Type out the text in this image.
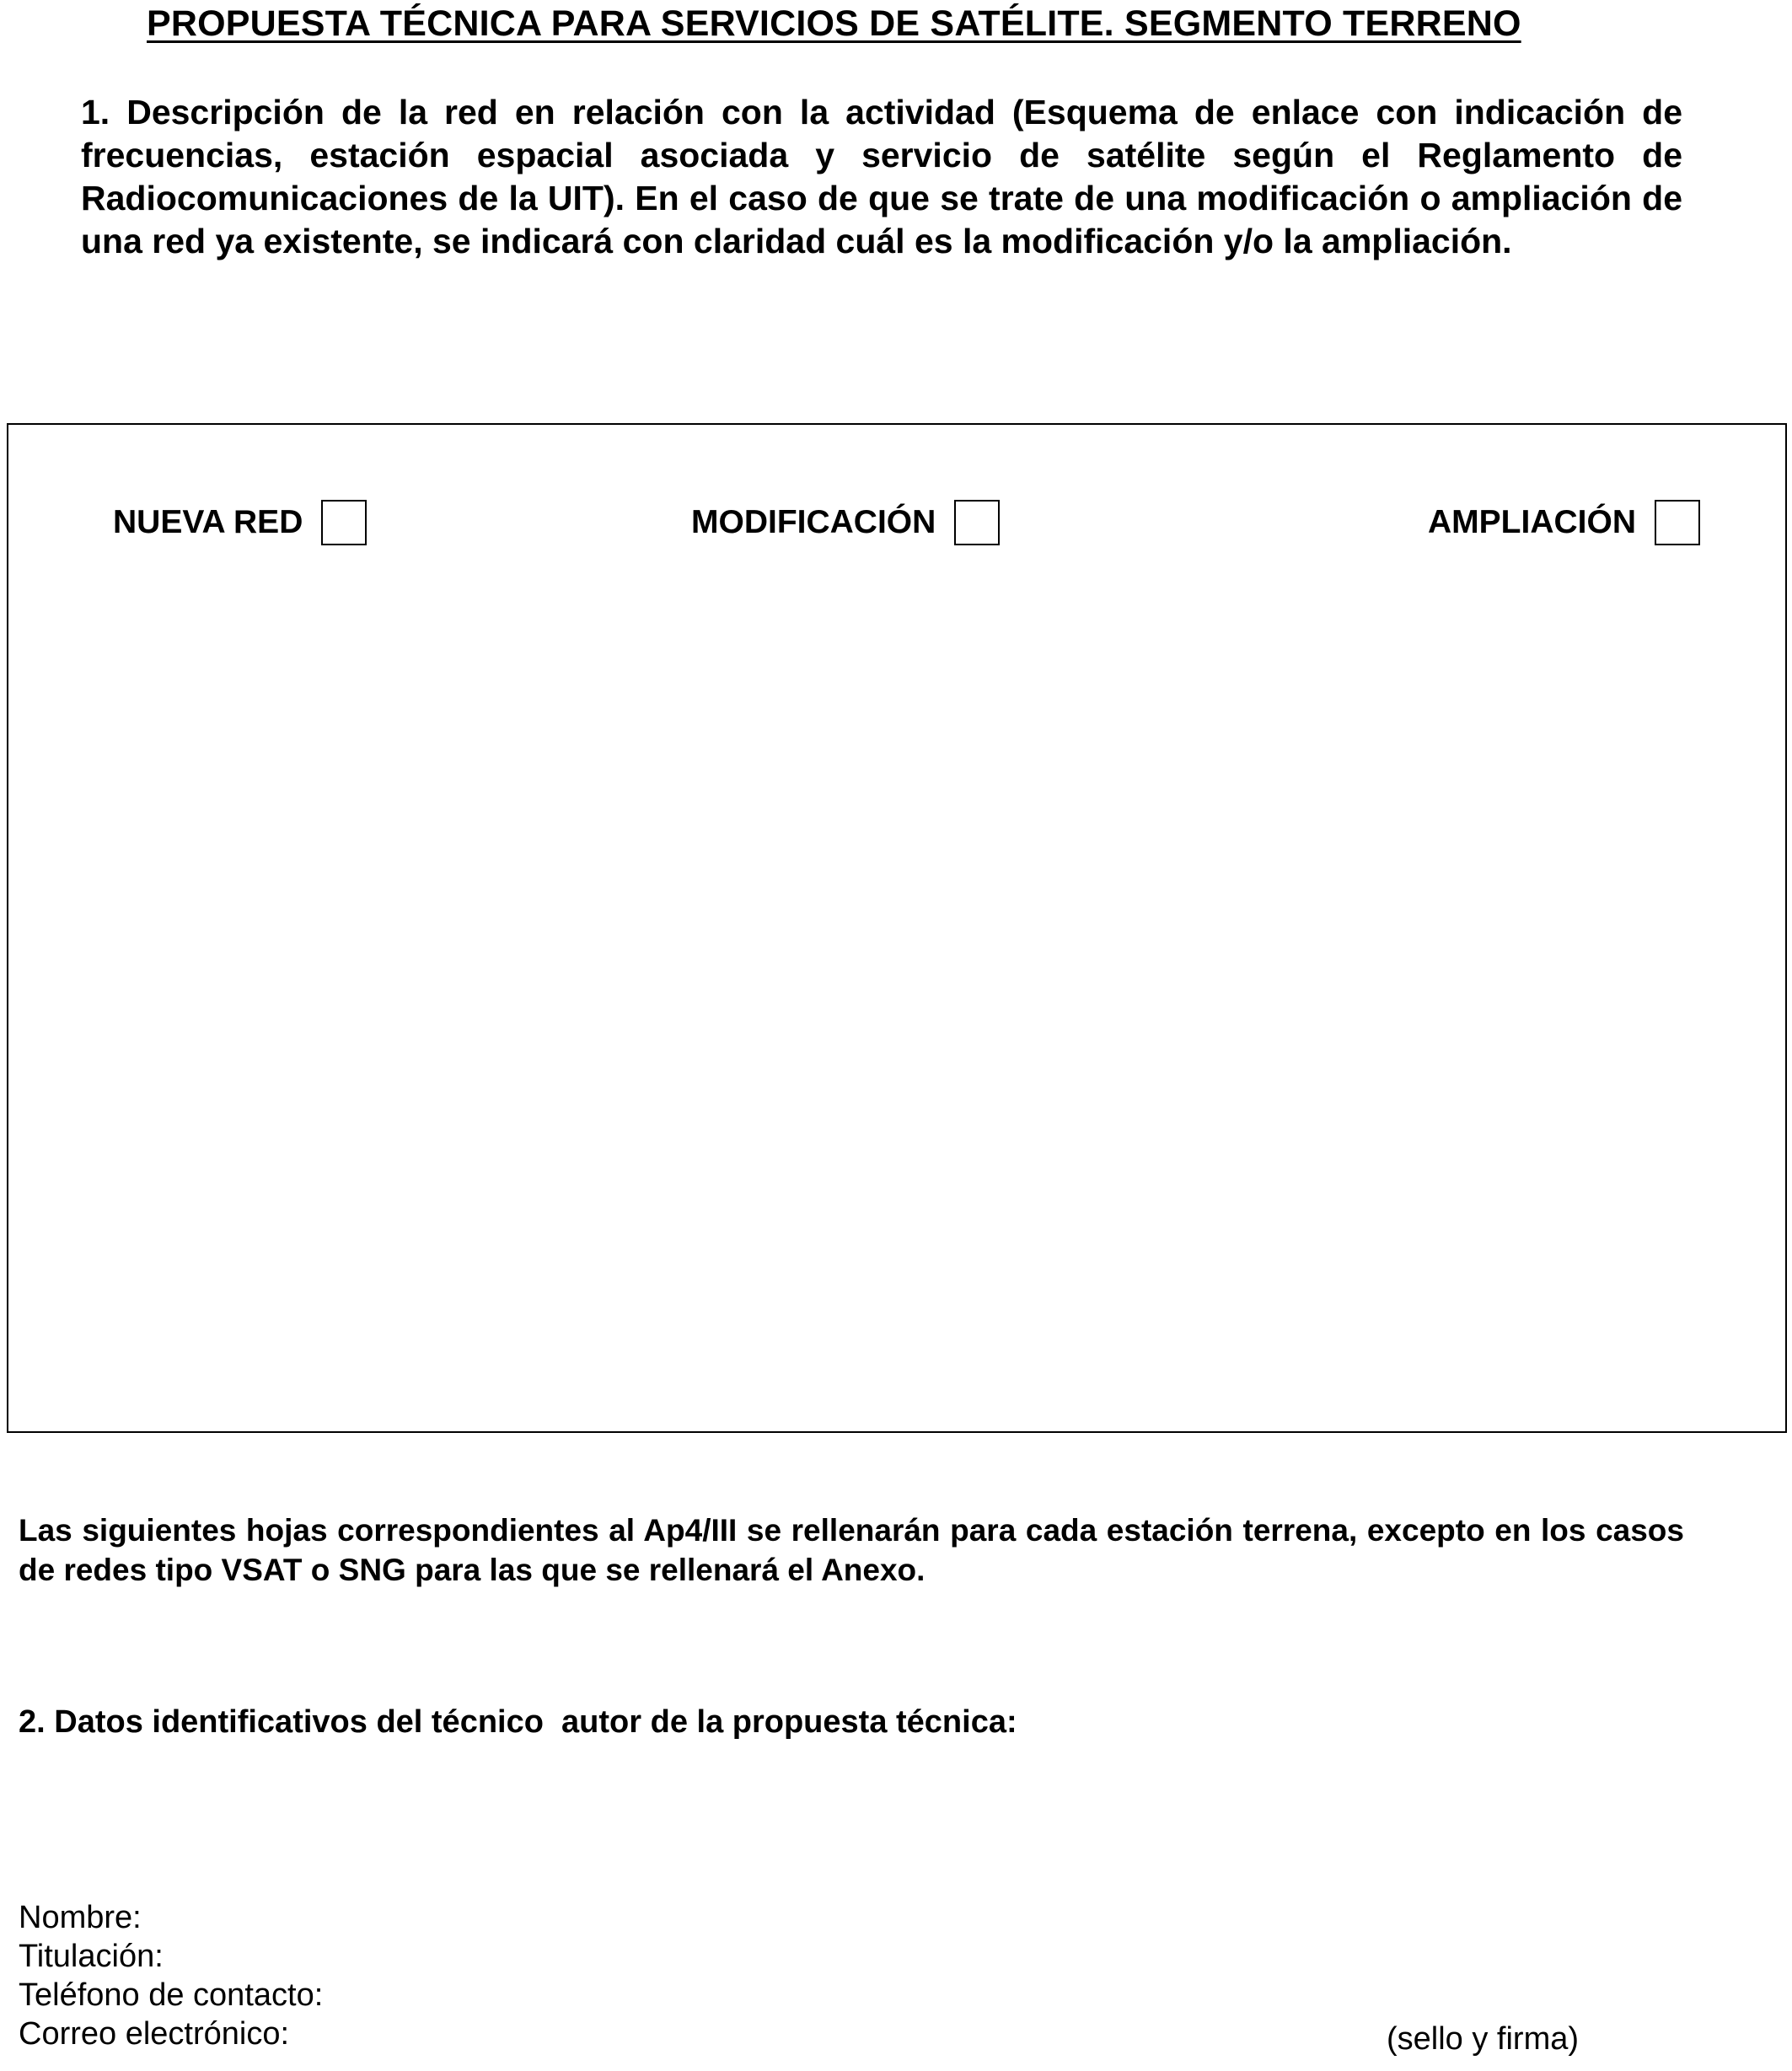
PROPUESTA TÉCNICA PARA SERVICIOS DE SATÉLITE. SEGMENTO TERRENO
1. Descripción de la red en relación con la actividad (Esquema de enlace con indicación de frecuencias, estación espacial asociada y servicio de satélite según el Reglamento de Radiocomunicaciones de la UIT). En el caso de que se trate de una modificación o ampliación de una red ya existente, se indicará con claridad cuál es la modificación y/o la ampliación.
NUEVA RED	MODIFICACIÓN	AMPLIACIÓN
Las siguientes hojas correspondientes al Ap4/III se rellenarán para cada estación terrena, excepto en los casos de redes tipo VSAT o SNG para las que se rellenará el Anexo.
2. Datos identificativos del técnico  autor de la propuesta técnica:
Nombre:
Titulación:
Teléfono de contacto:
Correo electrónico:	(sello y firma)
